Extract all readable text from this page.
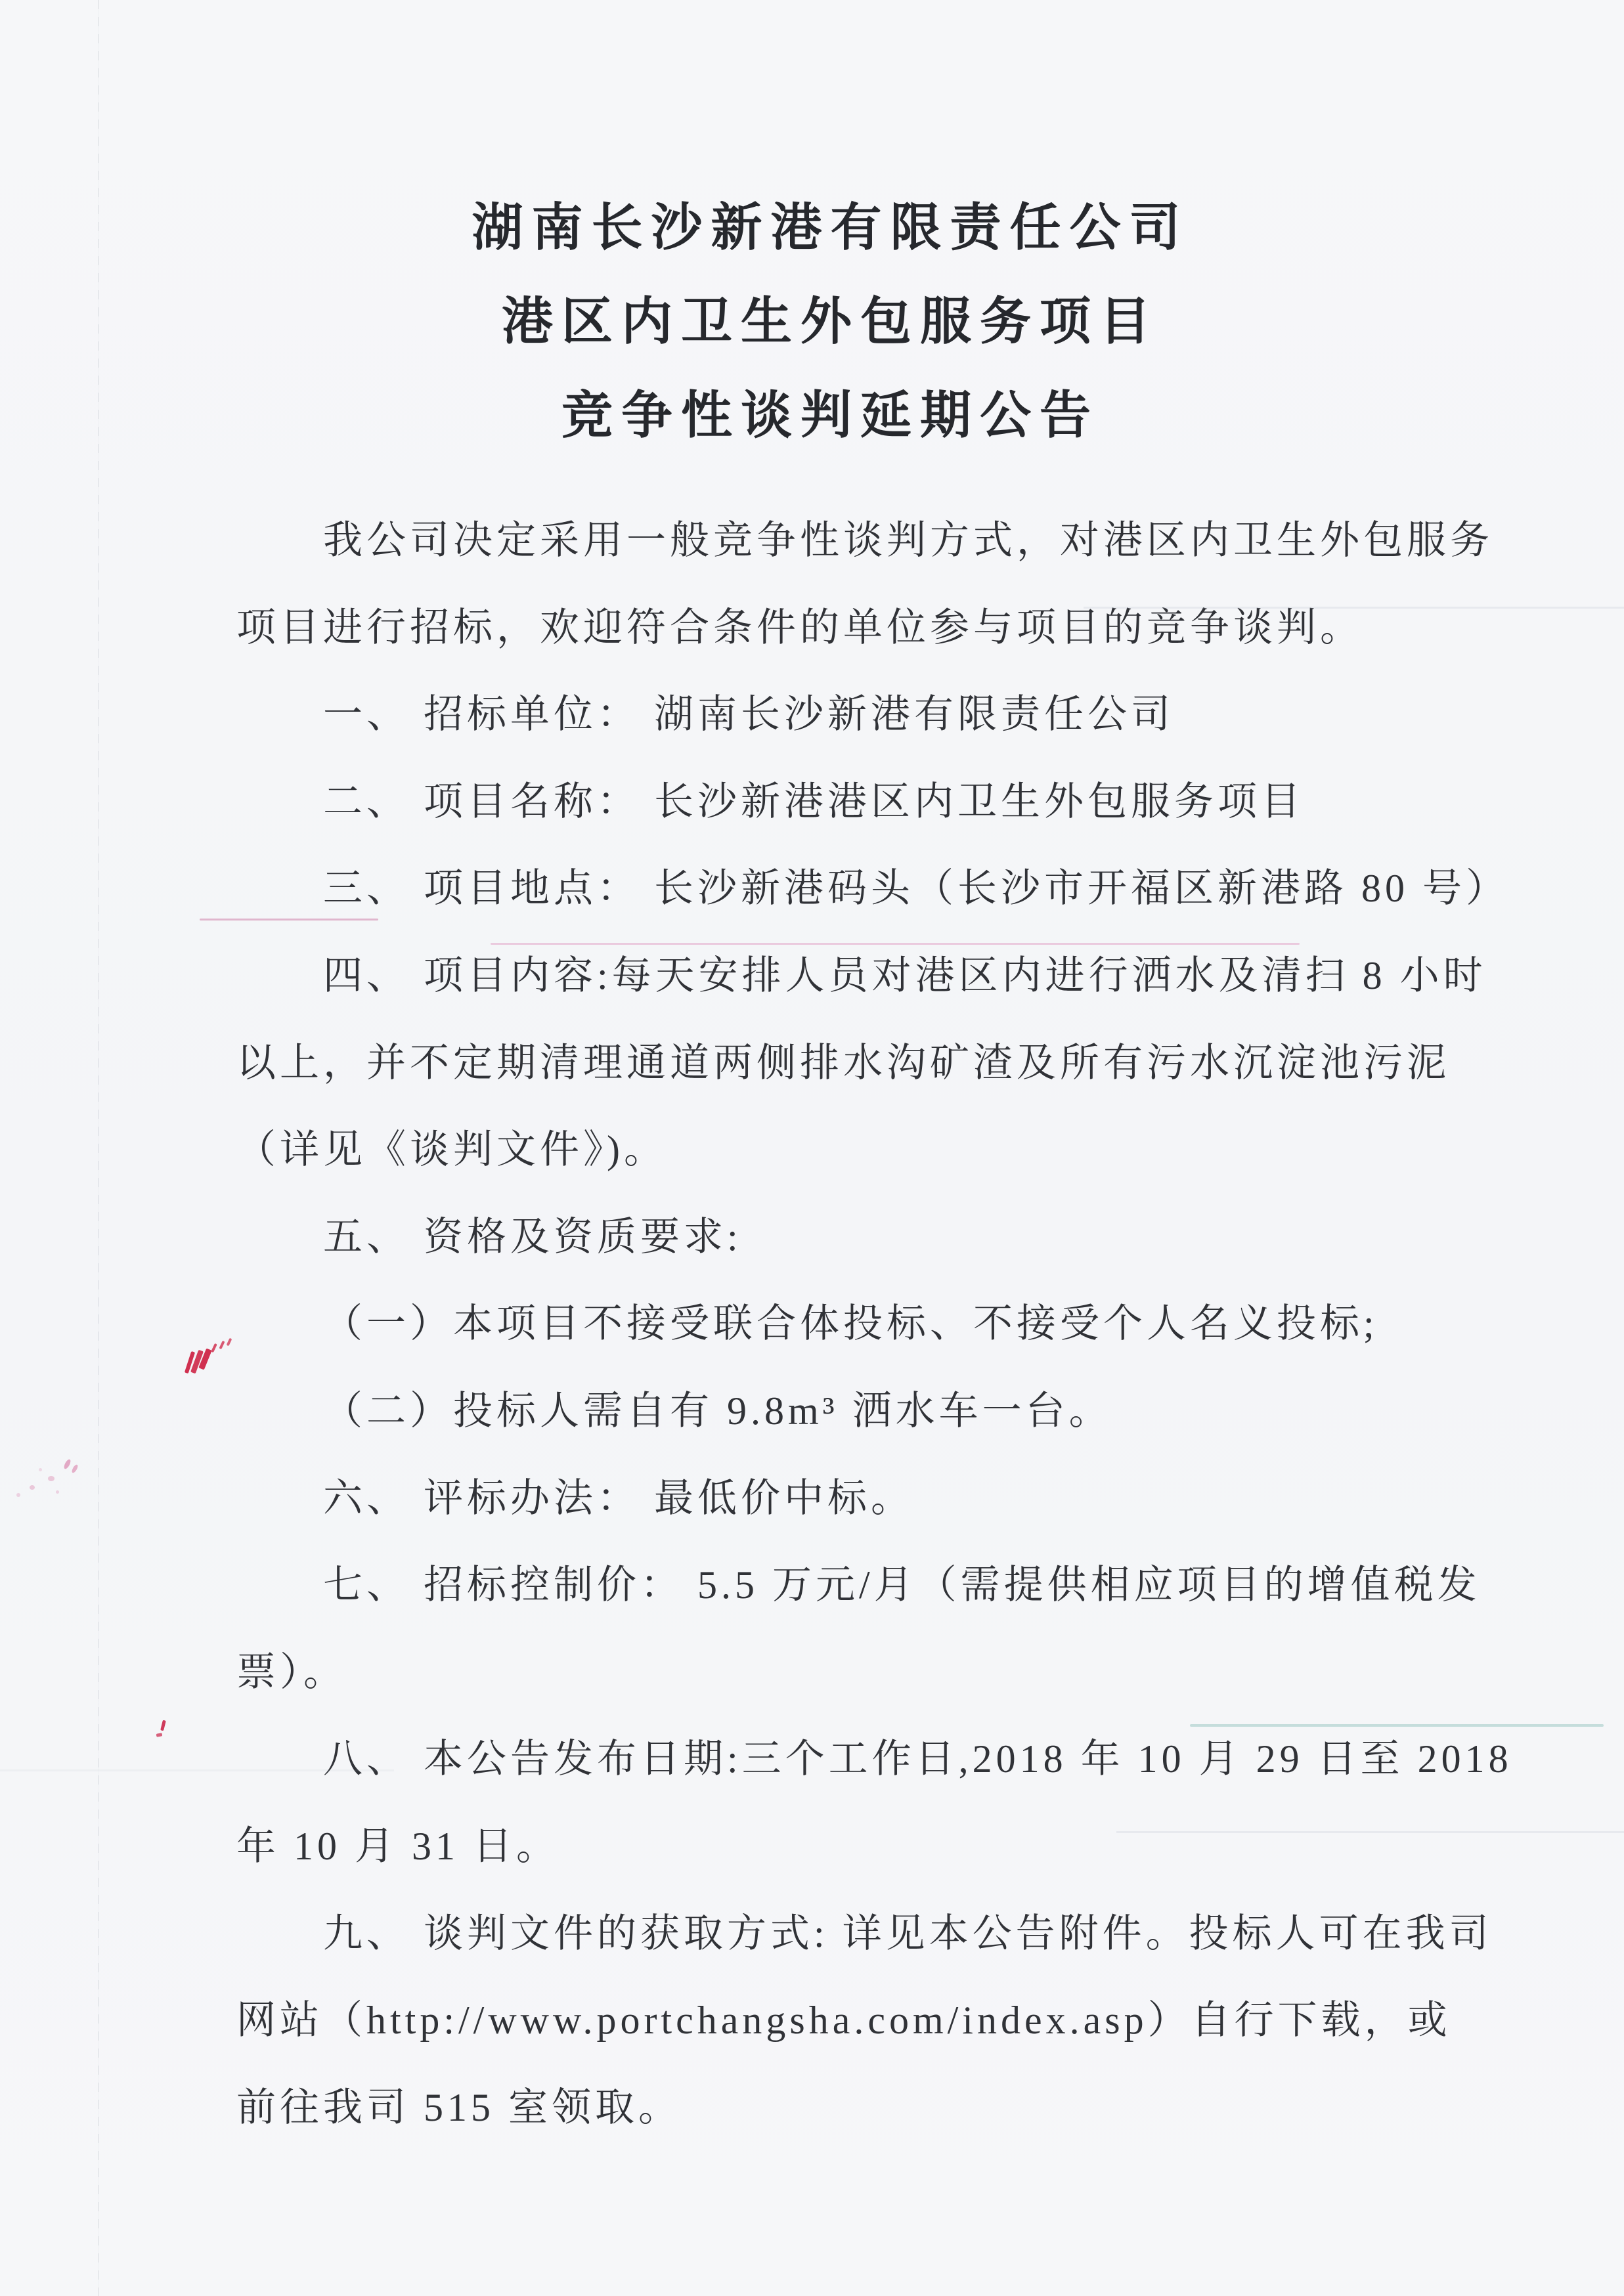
湖南长沙新港有限责任公司
港区内卫生外包服务项目
竞争性谈判延期公告
我公司决定采用一般竞争性谈判方式，对港区内卫生外包服务
项目进行招标，欢迎符合条件的单位参与项目的竞争谈判。
一、 招标单位： 湖南长沙新港有限责任公司
二、 项目名称： 长沙新港港区内卫生外包服务项目
三、 项目地点： 长沙新港码头（长沙市开福区新港路 80 号）
四、 项目内容:每天安排人员对港区内进行洒水及清扫 8 小时
以上，并不定期清理通道两侧排水沟矿渣及所有污水沉淀池污泥
（详见《谈判文件》)。
五、 资格及资质要求:
（一）本项目不接受联合体投标、不接受个人名义投标;
（二）投标人需自有 9.8m³ 洒水车一台。
六、 评标办法： 最低价中标。
七、 招标控制价： 5.5 万元/月（需提供相应项目的增值税发
票）。
八、 本公告发布日期:三个工作日,2018 年 10 月 29 日至 2018
年 10 月 31 日。
九、 谈判文件的获取方式: 详见本公告附件。投标人可在我司
网站（http://www.portchangsha.com/index.asp）自行下载，或
前往我司 515 室领取。
